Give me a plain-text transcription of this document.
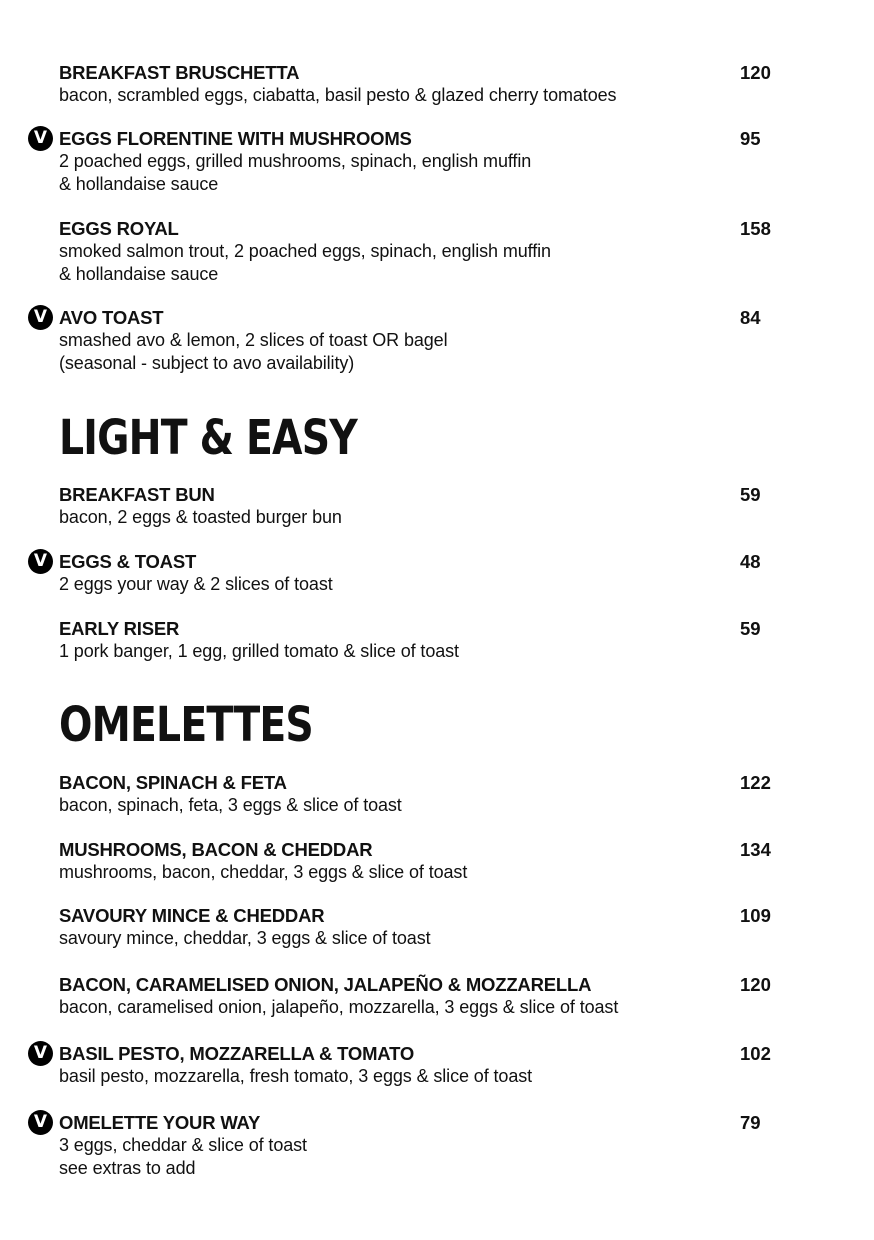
BREAKFAST BRUSCHETTA	120
bacon, scrambled eggs, ciabatta, basil pesto & glazed cherry tomatoes
V EGGS FLORENTINE WITH MUSHROOMS	95
2 poached eggs, grilled mushrooms, spinach, english muffin
& hollandaise sauce
EGGS ROYAL	158
smoked salmon trout, 2 poached eggs, spinach, english muffin
& hollandaise sauce
V AVO TOAST	84
smashed avo & lemon, 2 slices of toast OR bagel
(seasonal - subject to avo availability)
LIGHT & EASY
BREAKFAST BUN	59
bacon, 2 eggs & toasted burger bun
V EGGS & TOAST	48
2 eggs your way & 2 slices of toast
EARLY RISER	59
1 pork banger, 1 egg, grilled tomato & slice of toast
OMELETTES
BACON, SPINACH & FETA	122
bacon, spinach, feta, 3 eggs & slice of toast
MUSHROOMS, BACON & CHEDDAR	134
mushrooms, bacon, cheddar, 3 eggs & slice of toast
SAVOURY MINCE & CHEDDAR	109
savoury mince, cheddar, 3 eggs & slice of toast
BACON, CARAMELISED ONION, JALAPEÑO & MOZZARELLA	120
bacon, caramelised onion, jalapeño, mozzarella, 3 eggs & slice of toast
V BASIL PESTO, MOZZARELLA & TOMATO	102
basil pesto, mozzarella, fresh tomato, 3 eggs & slice of toast
V OMELETTE YOUR WAY	79
3 eggs, cheddar & slice of toast
see extras to add
